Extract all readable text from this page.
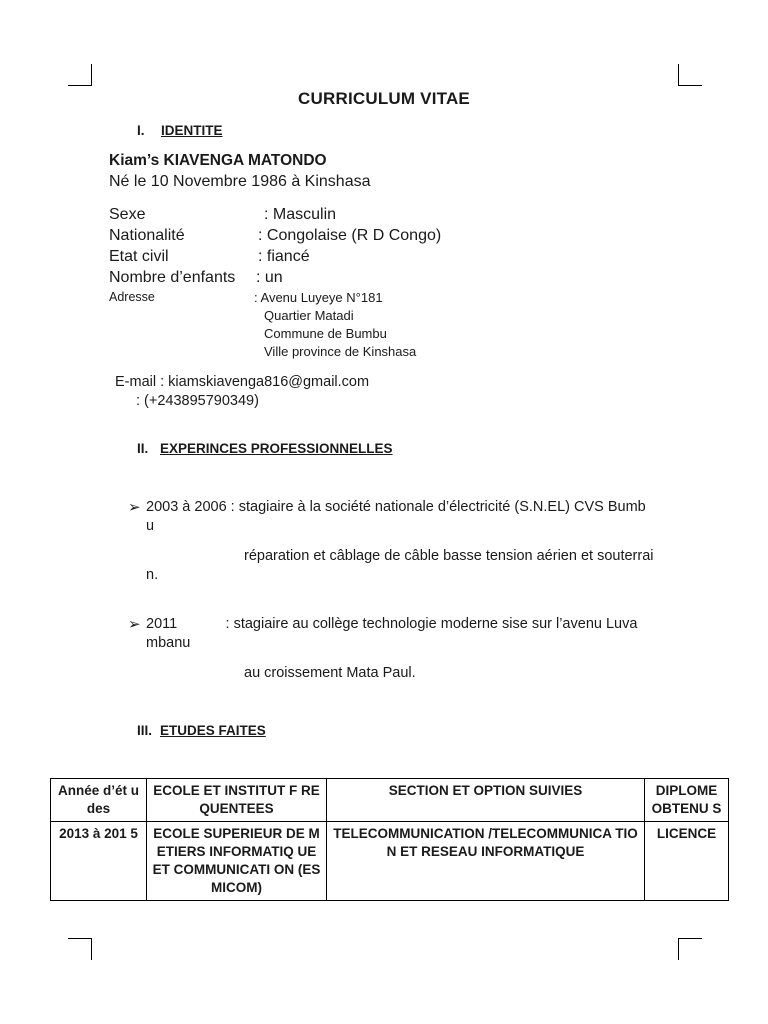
CURRICULUM VITAE
I. IDENTITE
Kiam’s KIAVENGA MATONDO
Né le 10 Novembre 1986 à Kinshasa
Sexe	: Masculin
Nationalité	: Congolaise (R D Congo)
Etat civil	: fiancé
Nombre d’enfants : un
Adresse	: Avenu Luyeye N°181
Quartier Matadi
Commune de Bumbu
Ville province de Kinshasa
E-mail : kiamskiavenga816@gmail.com
: (+243895790349)
II. EXPERINCES PROFESSIONNELLES
➢ 2003 à 2006 : stagiaire à la société nationale d’électricité (S.N.EL) CVS Bumb
u
réparation et câblage de câble basse tension aérien et souterrai
n.
➢ 2011            : stagiaire au collège technologie moderne sise sur l’avenu Luva
mbanu
au croissement Mata Paul.
III. ETUDES FAITES
Année d’ét udes	ECOLE ET INSTITUT F REQUENTEES	SECTION ET OPTION SUIVIES	DIPLOME OBTENU S
2013 à 201 5	ECOLE SUPERIEUR DE METIERS INFORMATIQ UE ET COMMUNICATI ON (ESMICOM)	TELECOMMUNICATION /TELECOMMUNICA TION ET RESEAU INFORMATIQUE	LICENCE
